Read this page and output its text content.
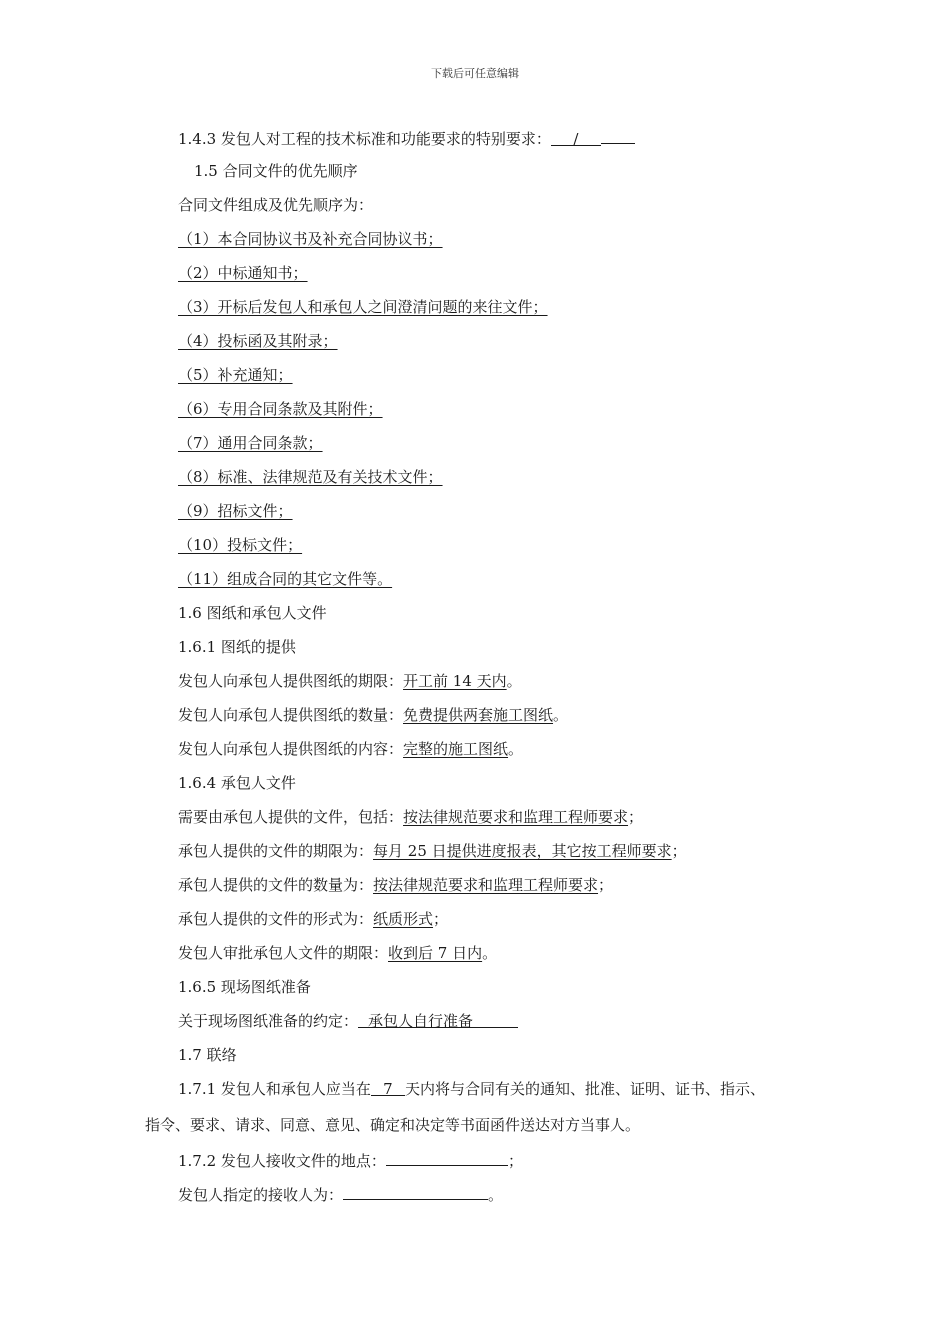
下载后可任意编辑
1.4.3 发包人对工程的技术标准和功能要求的特别要求： /
1.5 合同文件的优先顺序
合同文件组成及优先顺序为：
（1）本合同协议书及补充合同协议书；
（2）中标通知书；
（3）开标后发包人和承包人之间澄清问题的来往文件；
（4）投标函及其附录；
（5）补充通知；
（6）专用合同条款及其附件；
（7）通用合同条款；
（8）标准、法律规范及有关技术文件；
（9）招标文件；
（10）投标文件；
（11）组成合同的其它文件等。
1.6 图纸和承包人文件
1.6.1 图纸的提供
发包人向承包人提供图纸的期限：开工前 14 天内。
发包人向承包人提供图纸的数量：免费提供两套施工图纸。
发包人向承包人提供图纸的内容：完整的施工图纸。
1.6.4 承包人文件
需要由承包人提供的文件，包括：按法律规范要求和监理工程师要求；
承包人提供的文件的期限为：每月 25 日提供进度报表，其它按工程师要求；
承包人提供的文件的数量为：按法律规范要求和监理工程师要求；
承包人提供的文件的形式为：纸质形式；
发包人审批承包人文件的期限：收到后 7 日内。
1.6.5 现场图纸准备
关于现场图纸准备的约定： 承包人自行准备
1.7 联络
1.7.1 发包人和承包人应当在 7 天内将与合同有关的通知、批准、证明、证书、指示、
指令、要求、请求、同意、意见、确定和决定等书面函件送达对方当事人。
1.7.2 发包人接收文件的地点：	；
发包人指定的接收人为：	。
